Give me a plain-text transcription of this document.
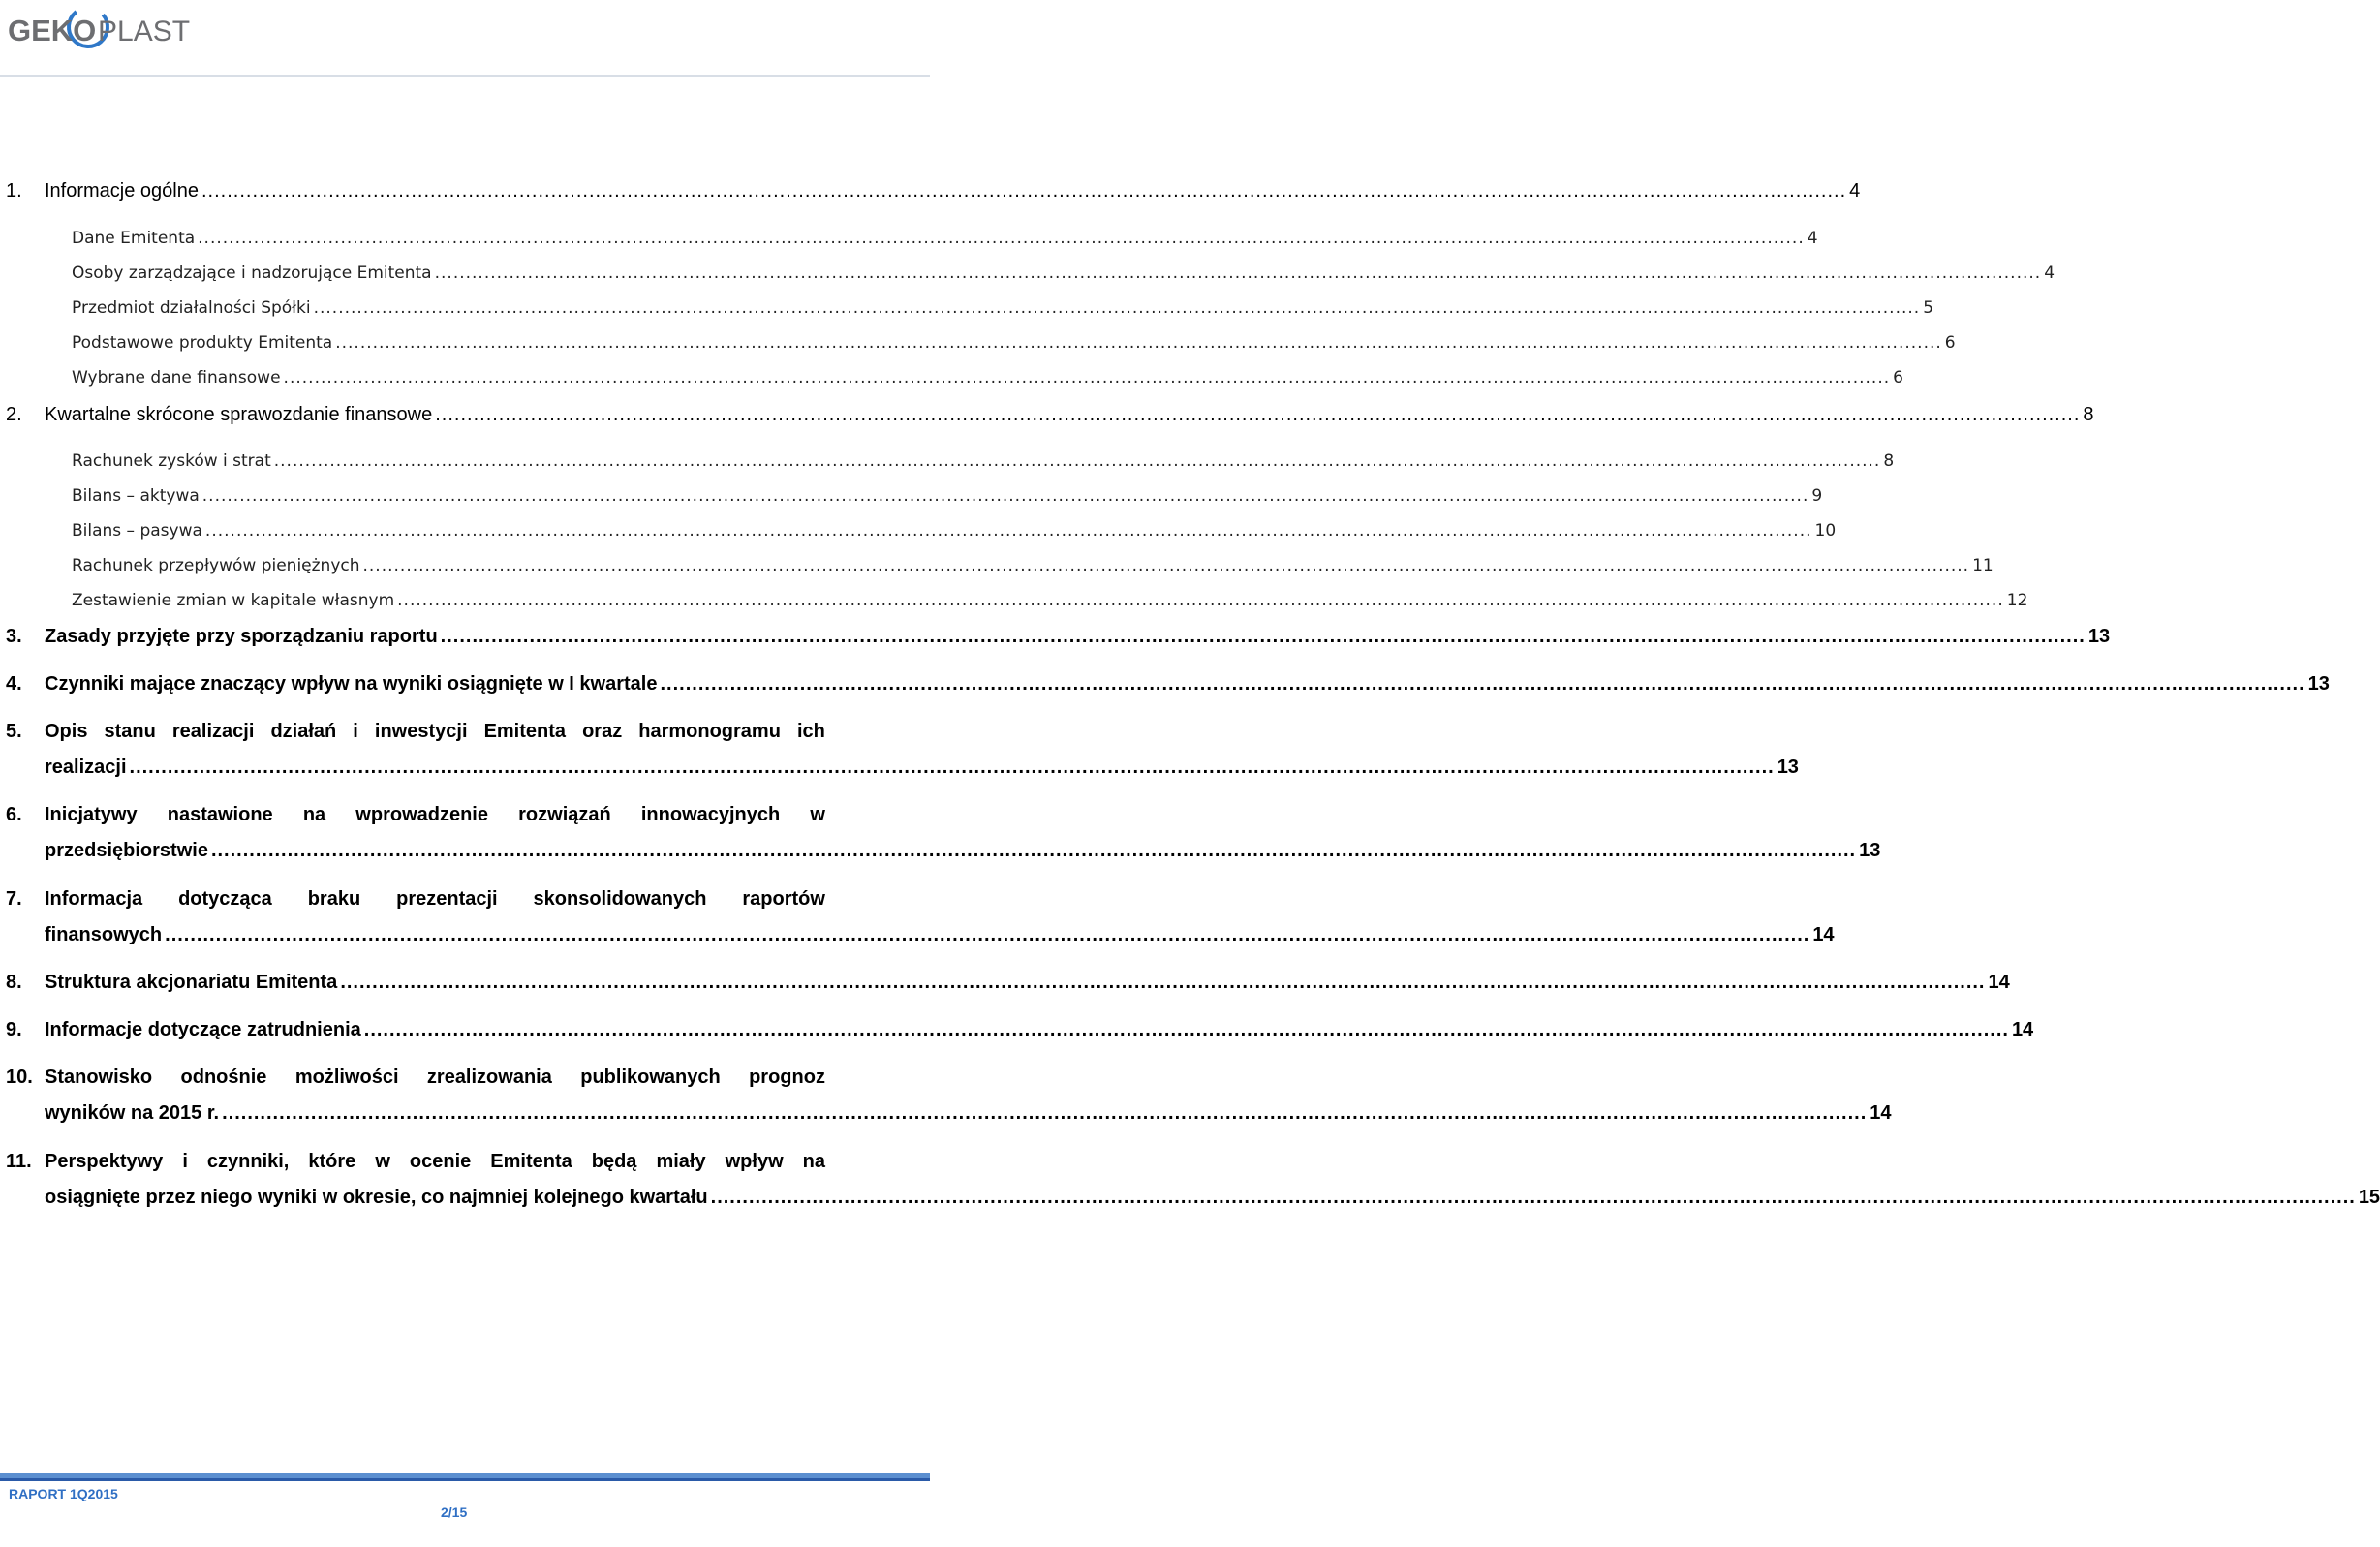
GEKO PLAST
1. Informacje ogólne .....	4
Dane Emitenta .....	4
Osoby zarządzające i nadzorujące Emitenta .....	4
Przedmiot działalności Spółki .....	5
Podstawowe produkty Emitenta .....	6
Wybrane dane finansowe .....	6
2. Kwartalne skrócone sprawozdanie finansowe .....	8
Rachunek zysków i strat .....	8
Bilans – aktywa .....	9
Bilans – pasywa .....	10
Rachunek przepływów pieniężnych .....	11
Zestawienie zmian w kapitale własnym .....	12
3. Zasady przyjęte przy sporządzaniu raportu .....	13
4. Czynniki mające znaczący wpływ na wyniki osiągnięte w I kwartale .....	13
5. Opis stanu realizacji działań i inwestycji Emitenta oraz harmonogramu ich
realizacji .....	13
6. Inicjatywy nastawione na wprowadzenie rozwiązań innowacyjnych w
przedsiębiorstwie .....	13
7. Informacja dotycząca braku prezentacji skonsolidowanych raportów
finansowych .....	14
8. Struktura akcjonariatu Emitenta .....	14
9. Informacje dotyczące zatrudnienia .....	14
10. Stanowisko odnośnie możliwości zrealizowania publikowanych prognoz
wyników na 2015 r. .....	14
11. Perspektywy i czynniki, które w ocenie Emitenta będą miały wpływ na
osiągnięte przez niego wyniki w okresie, co najmniej kolejnego kwartału .....	15
RAPORT 1Q2015
2/15
